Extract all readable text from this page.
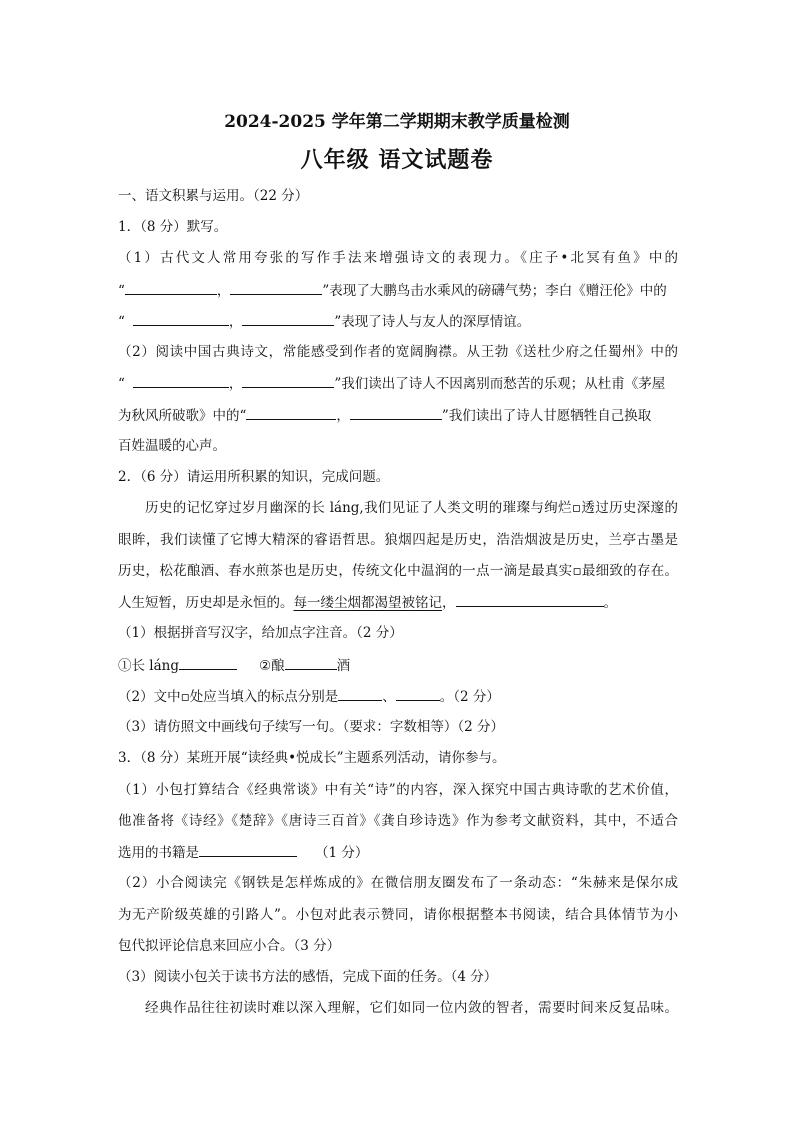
2024-2025 学年第二学期期末教学质量检测
八年级 语文试题卷
一、语文积累与运用。（22 分）
1．（8 分）默写。
（1）古代文人常用夸张的写作手法来增强诗文的表现力。《庄子•北冥有鱼》中的
“	，	”表现了大鹏鸟击水乘风的磅礴气势；李白《赠汪伦》中的
“	，	”表现了诗人与友人的深厚情谊。
（2）阅读中国古典诗文，常能感受到作者的宽阔胸襟。从王勃《送杜少府之任蜀州》中的
“	，	”我们读出了诗人不因离别而愁苦的乐观；从杜甫《茅屋
为秋风所破歌》中的“	，	”我们读出了诗人甘愿牺牲自己换取
百姓温暖的心声。
2．（6 分）请运用所积累的知识，完成问题。
历史的记忆穿过岁月幽深的长 láng,我们见证了人类文明的璀璨与绚烂▫透过历史深邃的
眼眸，我们读懂了它博大精深的睿语哲思。狼烟四起是历史，浩浩烟波是历史，兰亭古墨是
历史，松花酿酒、春水煎茶也是历史，传统文化中温润的一点一滴是最真实▫最细致的存在。
人生短暂，历史却是永恒的。每一缕尘烟都渴望被铭记，	。
（1）根据拼音写汉字，给加点字注音。（2 分）
①长 láng	②酿	酒
（2）文中▫处应当填入的标点分别是	、	。（2 分）
（3）请仿照文中画线句子续写一句。（要求：字数相等）（2 分）
3．（8 分）某班开展“读经典•悦成长”主题系列活动，请你参与。
（1）小包打算结合《经典常谈》中有关“诗”的内容，深入探究中国古典诗歌的艺术价值，
他准备将《诗经》《楚辞》《唐诗三百首》《龚自珍诗选》作为参考文献资料，其中，不适合
选用的书籍是	（1 分）
（2）小合阅读完《钢铁是怎样炼成的》在微信朋友圈发布了一条动态：“朱赫来是保尔成
为无产阶级英雄的引路人”。小包对此表示赞同，请你根据整本书阅读，结合具体情节为小
包代拟评论信息来回应小合。（3 分）
（3）阅读小包关于读书方法的感悟，完成下面的任务。（4 分）
经典作品往往初读时难以深入理解，它们如同一位内敛的智者，需要时间来反复品味。
